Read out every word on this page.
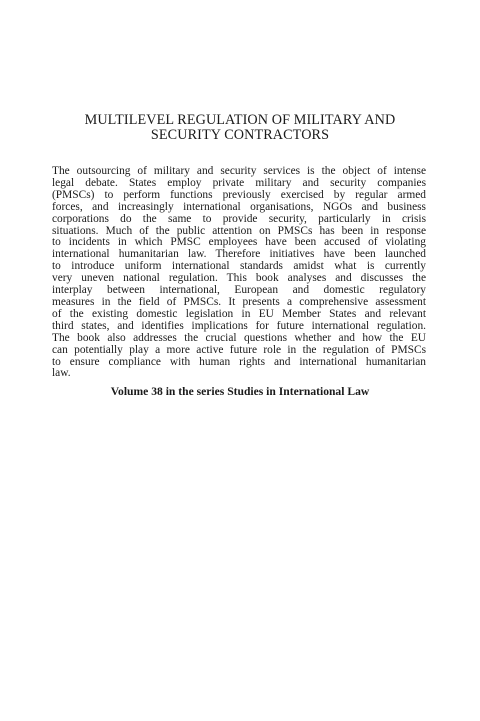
MULTILEVEL REGULATION OF MILITARY AND
SECURITY CONTRACTORS

The outsourcing of military and security services is the object of intense
legal debate. States employ private military and security companies
(PMSCs) to perform functions previously exercised by regular armed
forces, and increasingly international organisations, NGOs and business
corporations do the same to provide security, particularly in crisis
situations. Much of the public attention on PMSCs has been in response
to incidents in which PMSC employees have been accused of violating
international humanitarian law. Therefore initiatives have been launched
to introduce uniform international standards amidst what is currently
very uneven national regulation. This book analyses and discusses the
interplay between international, European and domestic regulatory
measures in the field of PMSCs. It presents a comprehensive assessment
of the existing domestic legislation in EU Member States and relevant
third states, and identifies implications for future international regulation.
The book also addresses the crucial questions whether and how the EU
can potentially play a more active future role in the regulation of PMSCs
to ensure compliance with human rights and international humanitarian
law.

Volume 38 in the series Studies in International Law
